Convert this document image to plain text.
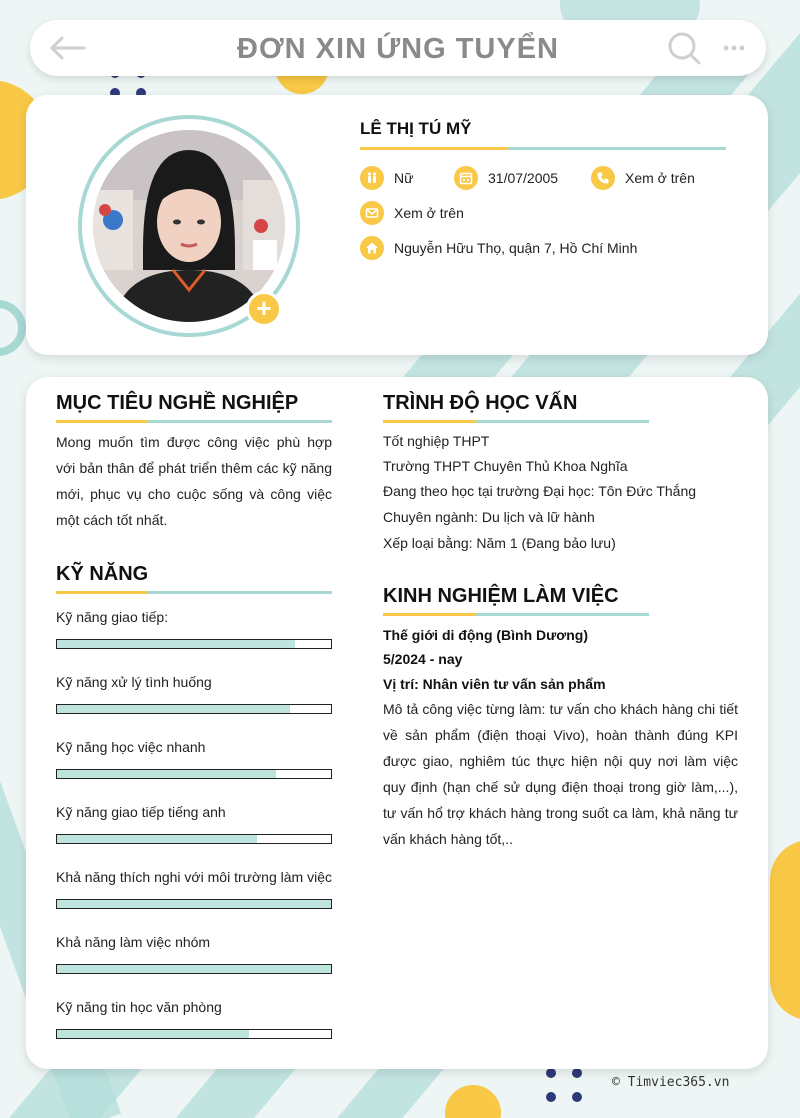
ĐƠN XIN ỨNG TUYỂN
+
LÊ THỊ TÚ MỸ
Nữ	31/07/2005	Xem ở trên
Xem ở trên
Nguyễn Hữu Thọ, quận 7, Hồ Chí Minh
MỤC TIÊU NGHỀ NGHIỆP
Mong muốn tìm được công việc phù hợp với bản thân để phát triển thêm các kỹ năng mới, phục vụ cho cuộc sống và công việc một cách tốt nhất.
KỸ NĂNG
Kỹ năng giao tiếp:
Kỹ năng xử lý tình huống
Kỹ năng học việc nhanh
Kỹ năng giao tiếp tiếng anh
Khả năng thích nghi với môi trường làm việc
Khả năng làm việc nhóm
Kỹ năng tin học văn phòng
TRÌNH ĐỘ HỌC VẤN
Tốt nghiệp THPT
Trường THPT Chuyên Thủ Khoa Nghĩa
Đang theo học tại trường Đại học: Tôn Đức Thắng
Chuyên ngành: Du lịch và lữ hành
Xếp loại bằng: Năm 1 (Đang bảo lưu)
KINH NGHIỆM LÀM VIỆC
Thế giới di động (Bình Dương)
5/2024 - nay
Vị trí: Nhân viên tư vấn sản phẩm
Mô tả công việc từng làm: tư vấn cho khách hàng chi tiết về sản phẩm (điện thoại Vivo), hoàn thành đúng KPI được giao, nghiêm túc thực hiện nội quy nơi làm việc quy định (hạn chế sử dụng điện thoại trong giờ làm,...), tư vấn hổ trợ khách hàng trong suốt ca làm, khả năng tư vấn khách hàng tốt,..
© Timviec365.vn
